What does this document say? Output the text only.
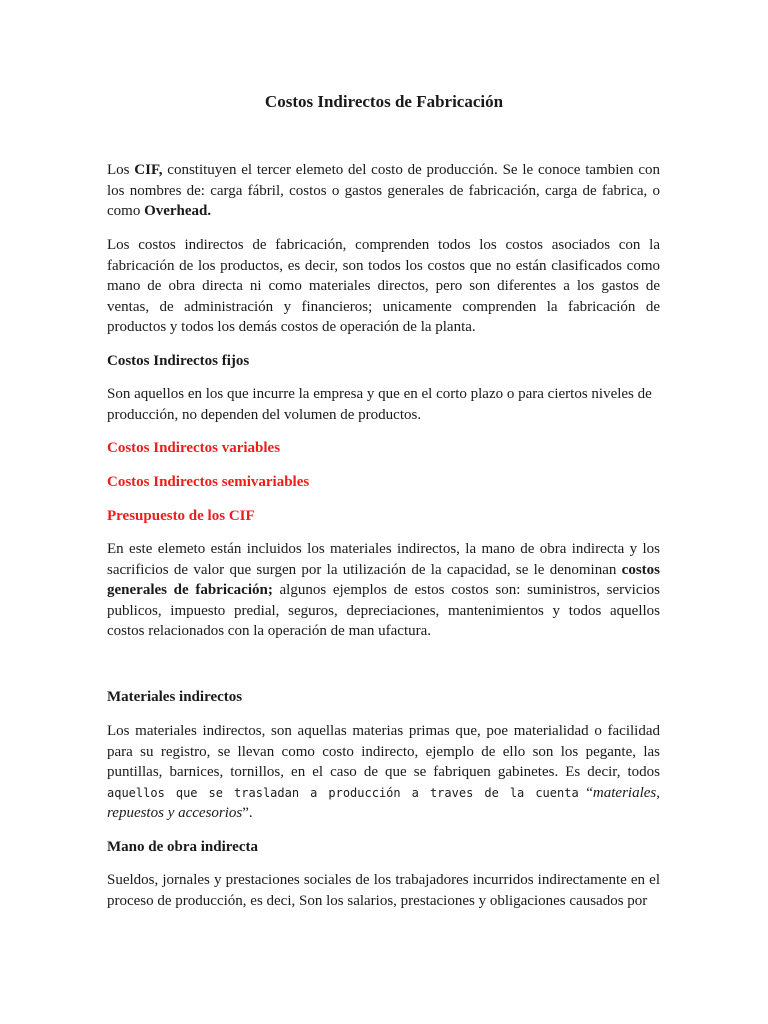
Costos Indirectos de Fabricación

Los CIF, constituyen el tercer elemeto del costo de producción. Se le conoce tambien con los nombres de: carga fábril, costos o gastos generales de fabricación, carga de fabrica, o como Overhead.

Los costos indirectos de fabricación, comprenden todos los costos asociados con la fabricación de los productos, es decir, son todos los costos que no están clasificados como mano de obra directa ni como materiales directos, pero son diferentes a los gastos de ventas, de administración y financieros; unicamente comprenden la fabricación de productos y todos los demás costos de operación de la planta.

Costos Indirectos fijos

Son aquellos en los que incurre la empresa y que en el corto plazo o para ciertos niveles de producción, no dependen del volumen de productos.

Costos Indirectos variables

Costos Indirectos semivariables

Presupuesto de los CIF

En este elemeto están incluidos los materiales indirectos, la mano de obra indirecta y los sacrificios de valor que surgen por la utilización de la capacidad, se le denominan costos generales de fabricación; algunos ejemplos de estos costos son: suministros, servicios publicos, impuesto predial, seguros, depreciaciones, mantenimientos y todos aquellos costos relacionados con la operación de man ufactura.

Materiales indirectos

Los materiales indirectos, son aquellas materias primas que, poe materialidad o facilidad para su registro, se llevan como costo indirecto, ejemplo de ello son los pegante, las puntillas, barnices, tornillos, en el caso de que se fabriquen gabinetes. Es decir, todos aquellos que se trasladan a producción a traves de la cuenta “materiales, repuestos y accesorios”.

Mano de obra indirecta

Sueldos, jornales y prestaciones sociales de los trabajadores incurridos indirectamente en el proceso de producción, es deci, Son los salarios, prestaciones y obligaciones causados por
